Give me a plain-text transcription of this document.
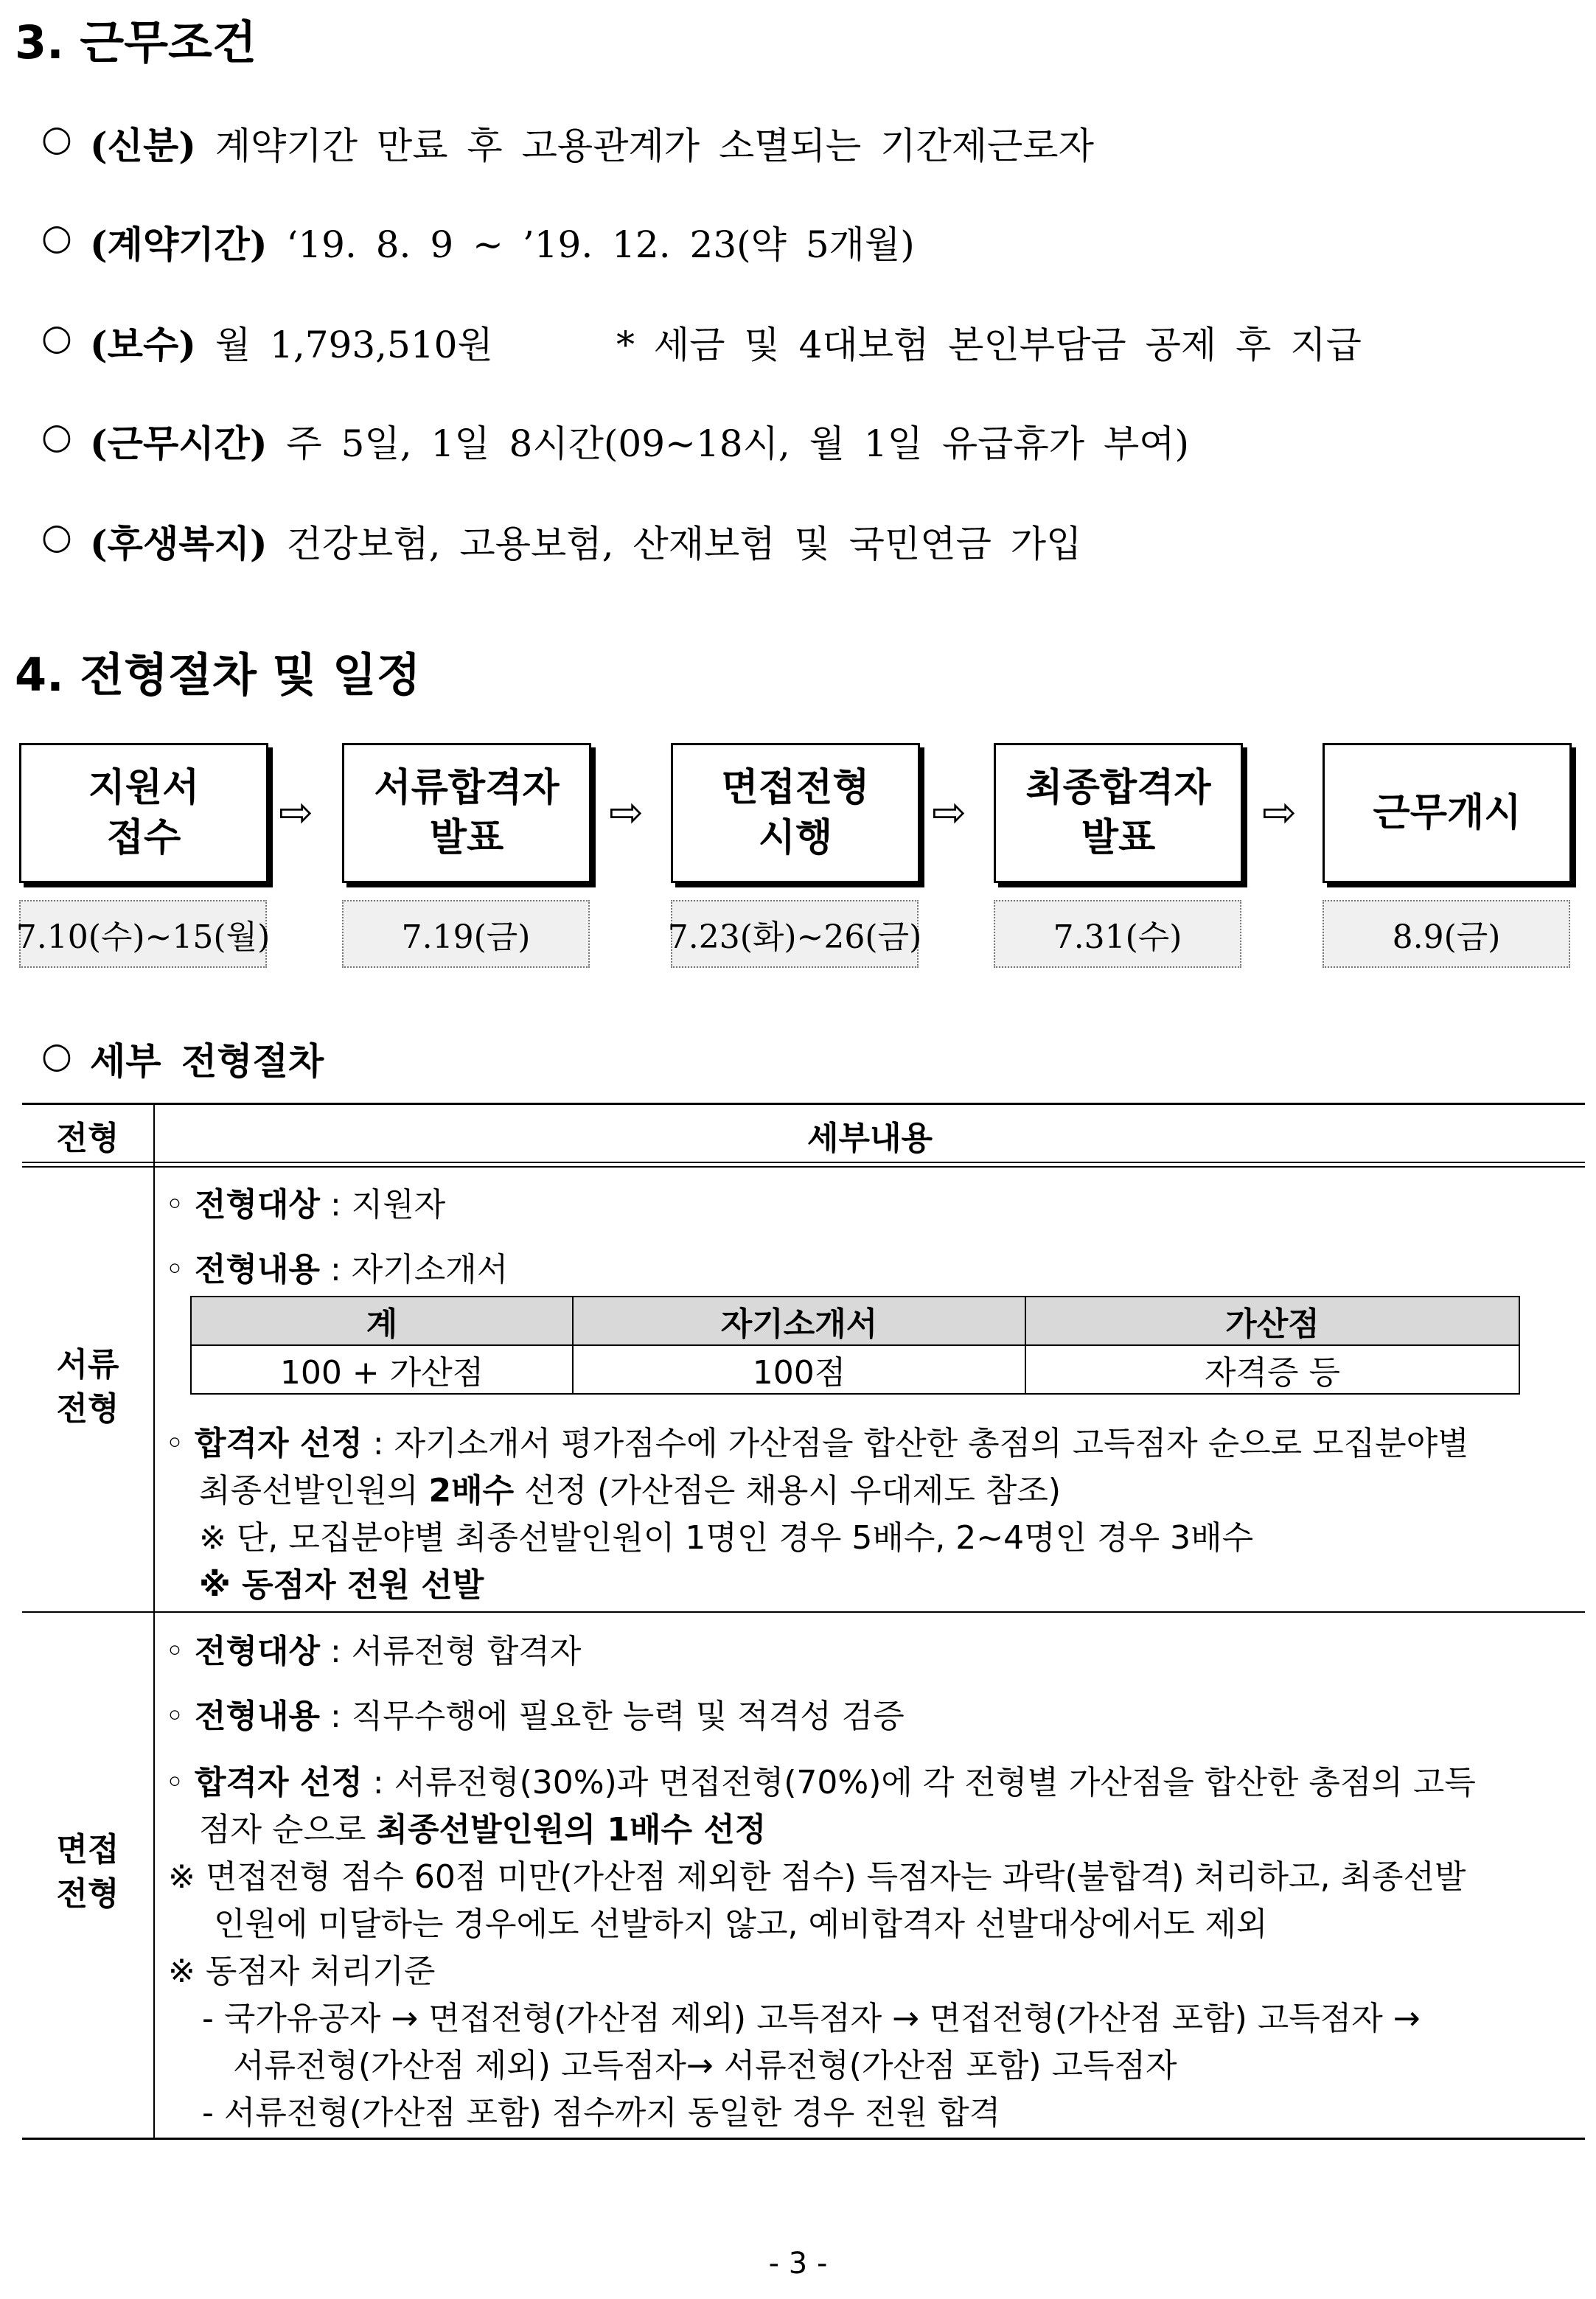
3. 근무조건
○ (신분) 계약기간 만료 후 고용관계가 소멸되는 기간제근로자
○ (계약기간) ‘19. 8. 9 ~ ’19. 12. 23(약 5개월)
○ (보수) 월 1,793,510원	* 세금 및 4대보험 본인부담금 공제 후 지급
○ (근무시간) 주 5일, 1일 8시간(09~18시, 월 1일 유급휴가 부여)
○ (후생복지) 건강보험, 고용보험, 산재보험 및 국민연금 가입
4. 전형절차 및 일정
지원서
접수
⇨
서류합격자
발표
⇨
면접전형
시행
⇨
최종합격자
발표
⇨ 근무개시
7.10(수)~15(월)	7.19(금)	7.23(화)~26(금)	7.31(수)	8.9(금)
○ 세부 전형절차
전형	세부내용
서류
전형
◦ 전형대상 : 지원자
◦ 전형내용 : 자기소개서
계	자기소개서	가산점
100 + 가산점	100점	자격증 등
◦ 합격자 선정 : 자기소개서 평가점수에 가산점을 합산한 총점의 고득점자 순으로 모집분야별
최종선발인원의 2배수 선정 (가산점은 채용시 우대제도 참조)
※ 단, 모집분야별 최종선발인원이 1명인 경우 5배수, 2~4명인 경우 3배수
※ 동점자 전원 선발
면접
전형
◦ 전형대상 : 서류전형 합격자
◦ 전형내용 : 직무수행에 필요한 능력 및 적격성 검증
◦ 합격자 선정 : 서류전형(30%)과 면접전형(70%)에 각 전형별 가산점을 합산한 총점의 고득
점자 순으로 최종선발인원의 1배수 선정
※ 면접전형 점수 60점 미만(가산점 제외한 점수) 득점자는 과락(불합격) 처리하고, 최종선발
인원에 미달하는 경우에도 선발하지 않고, 예비합격자 선발대상에서도 제외
※ 동점자 처리기준
- 국가유공자 → 면접전형(가산점 제외) 고득점자 → 면접전형(가산점 포함) 고득점자 →
서류전형(가산점 제외) 고득점자→ 서류전형(가산점 포함) 고득점자
- 서류전형(가산점 포함) 점수까지 동일한 경우 전원 합격
- 3 -
